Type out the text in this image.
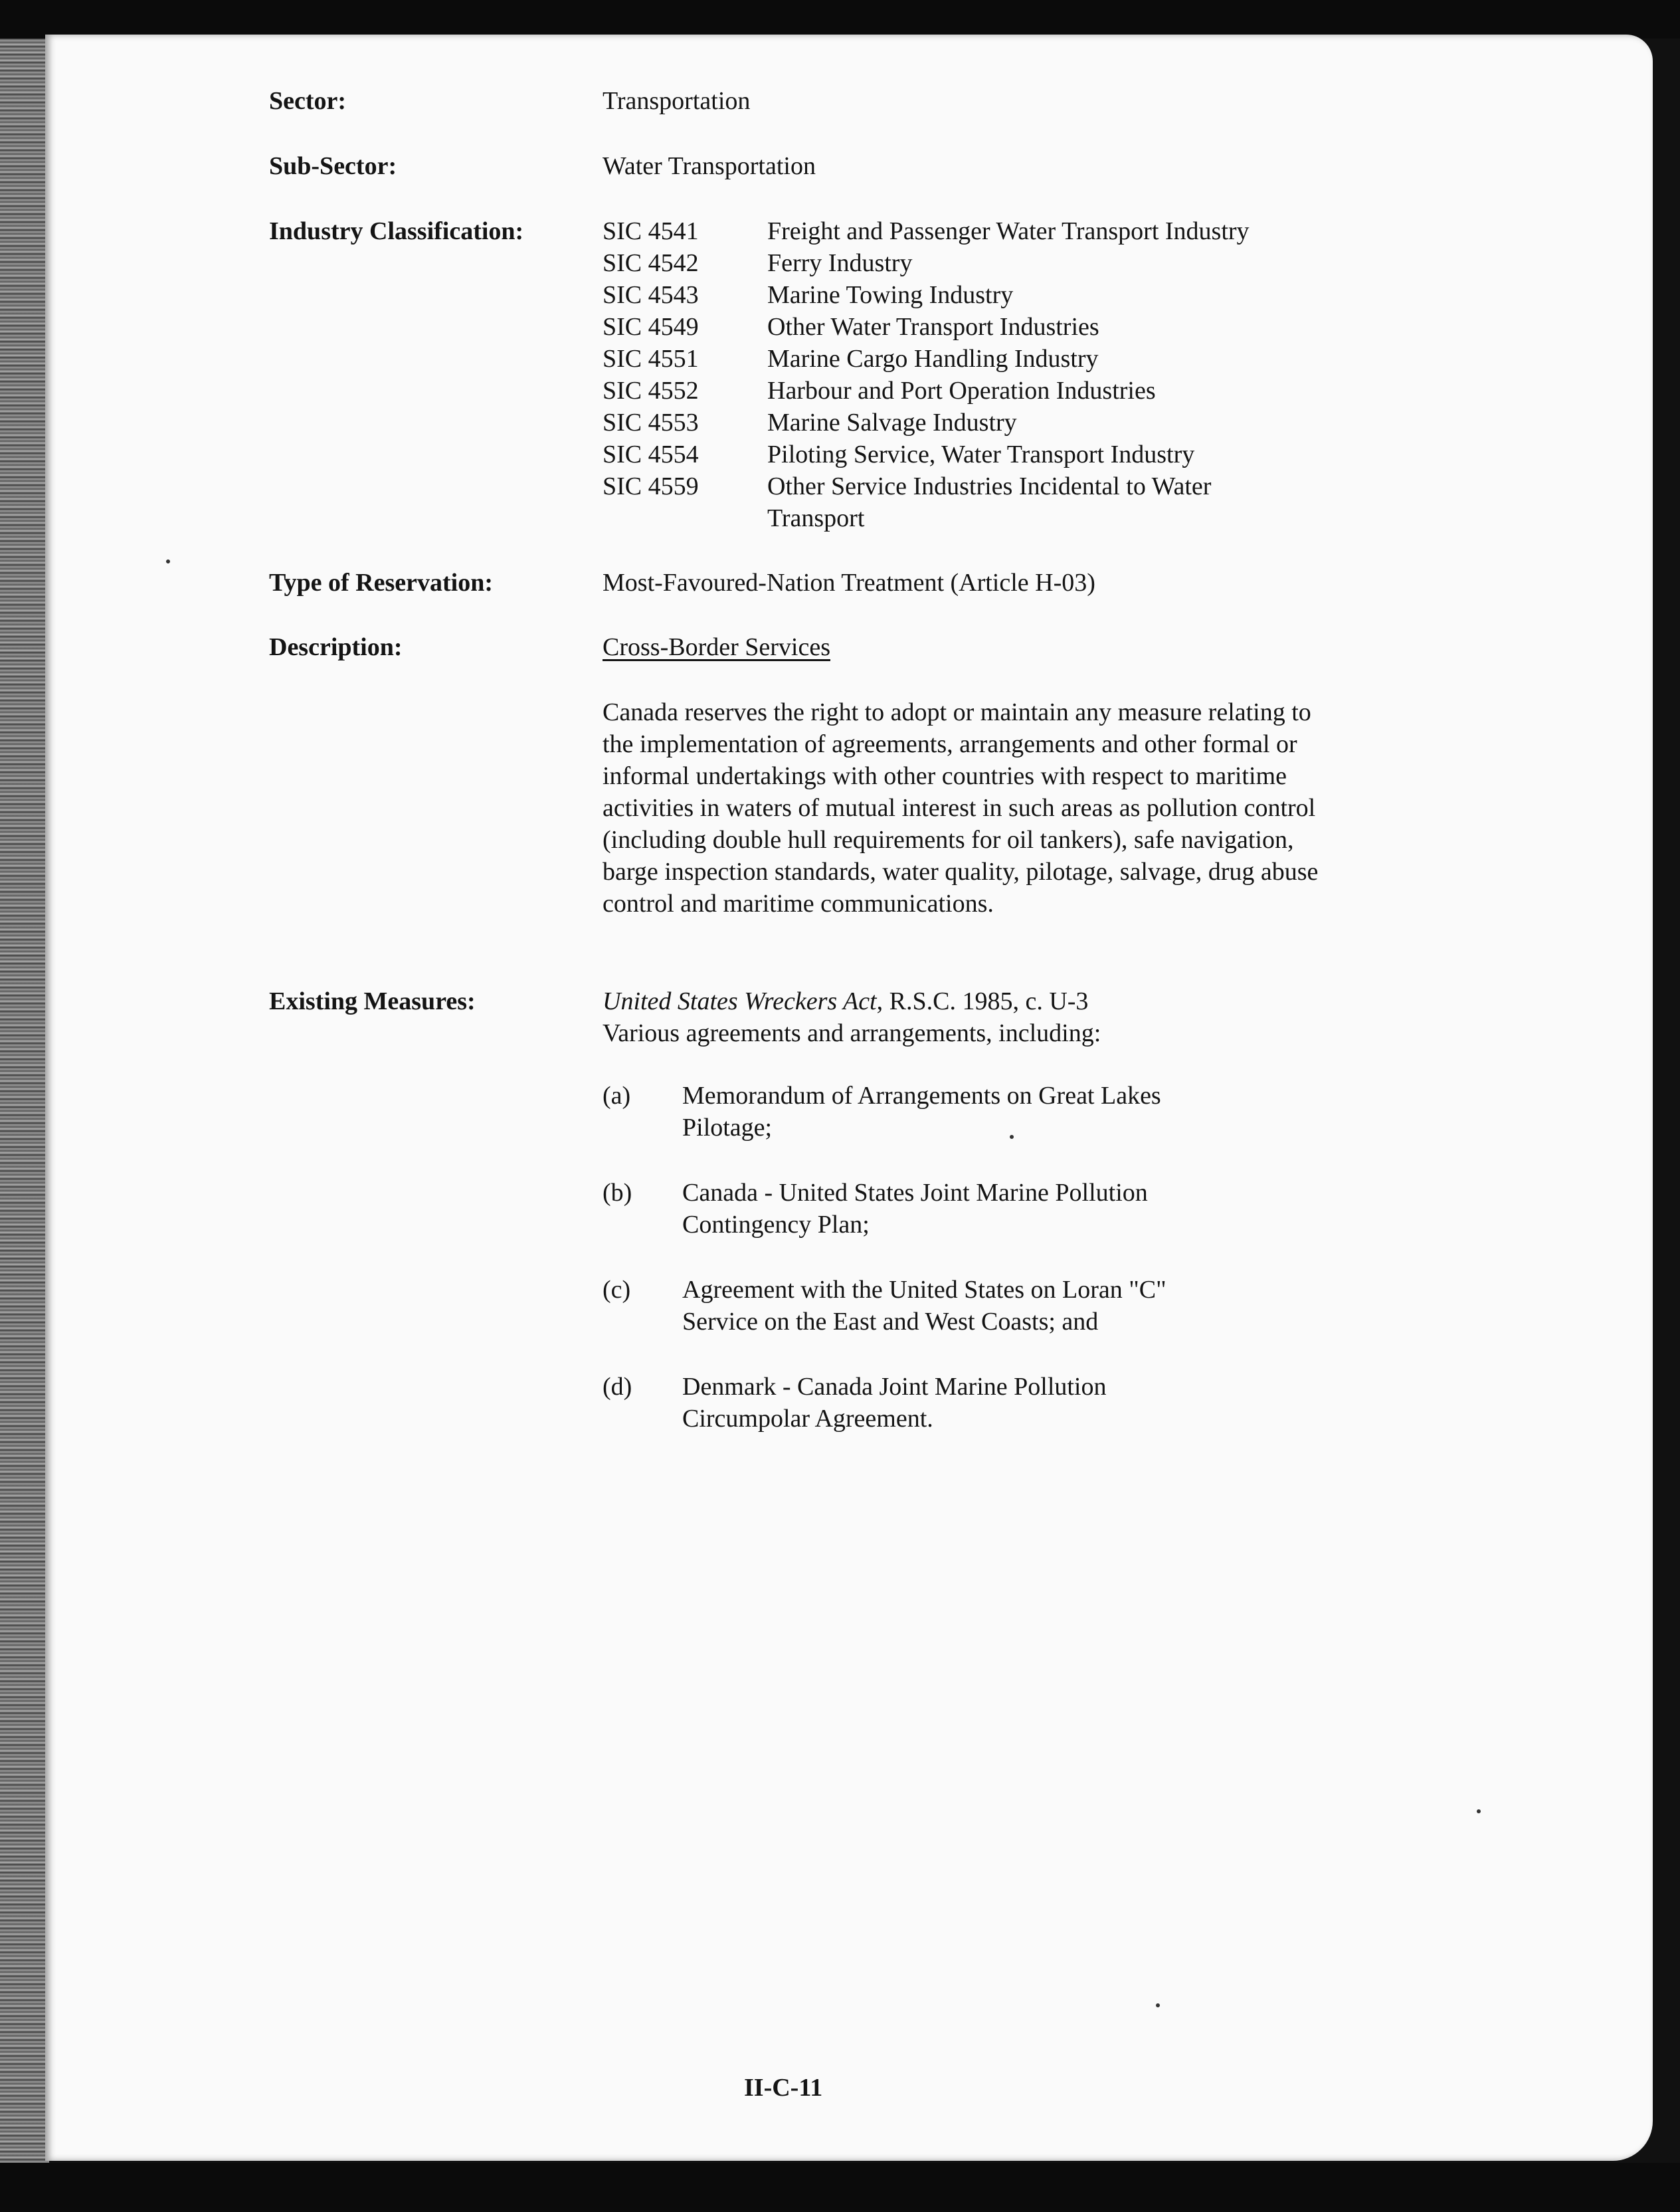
Sector:	Transportation
Sub-Sector:	Water Transportation
Industry Classification:	SIC 4541	Freight and Passenger Water Transport Industry
SIC 4542	Ferry Industry
SIC 4543	Marine Towing Industry
SIC 4549	Other Water Transport Industries
SIC 4551	Marine Cargo Handling Industry
SIC 4552	Harbour and Port Operation Industries
SIC 4553	Marine Salvage Industry
SIC 4554	Piloting Service, Water Transport Industry
SIC 4559	Other Service Industries Incidental to Water Transport
Type of Reservation:	Most-Favoured-Nation Treatment (Article H-03)
Description:	Cross-Border Services

Canada reserves the right to adopt or maintain any measure relating to the implementation of agreements, arrangements and other formal or informal undertakings with other countries with respect to maritime activities in waters of mutual interest in such areas as pollution control (including double hull requirements for oil tankers), safe navigation, barge inspection standards, water quality, pilotage, salvage, drug abuse control and maritime communications.

Existing Measures:	United States Wreckers Act, R.S.C. 1985, c. U-3
Various agreements and arrangements, including:
(a)	Memorandum of Arrangements on Great Lakes Pilotage;
(b)	Canada - United States Joint Marine Pollution Contingency Plan;
(c)	Agreement with the United States on Loran "C" Service on the East and West Coasts; and
(d)	Denmark - Canada Joint Marine Pollution Circumpolar Agreement.
II-C-11
